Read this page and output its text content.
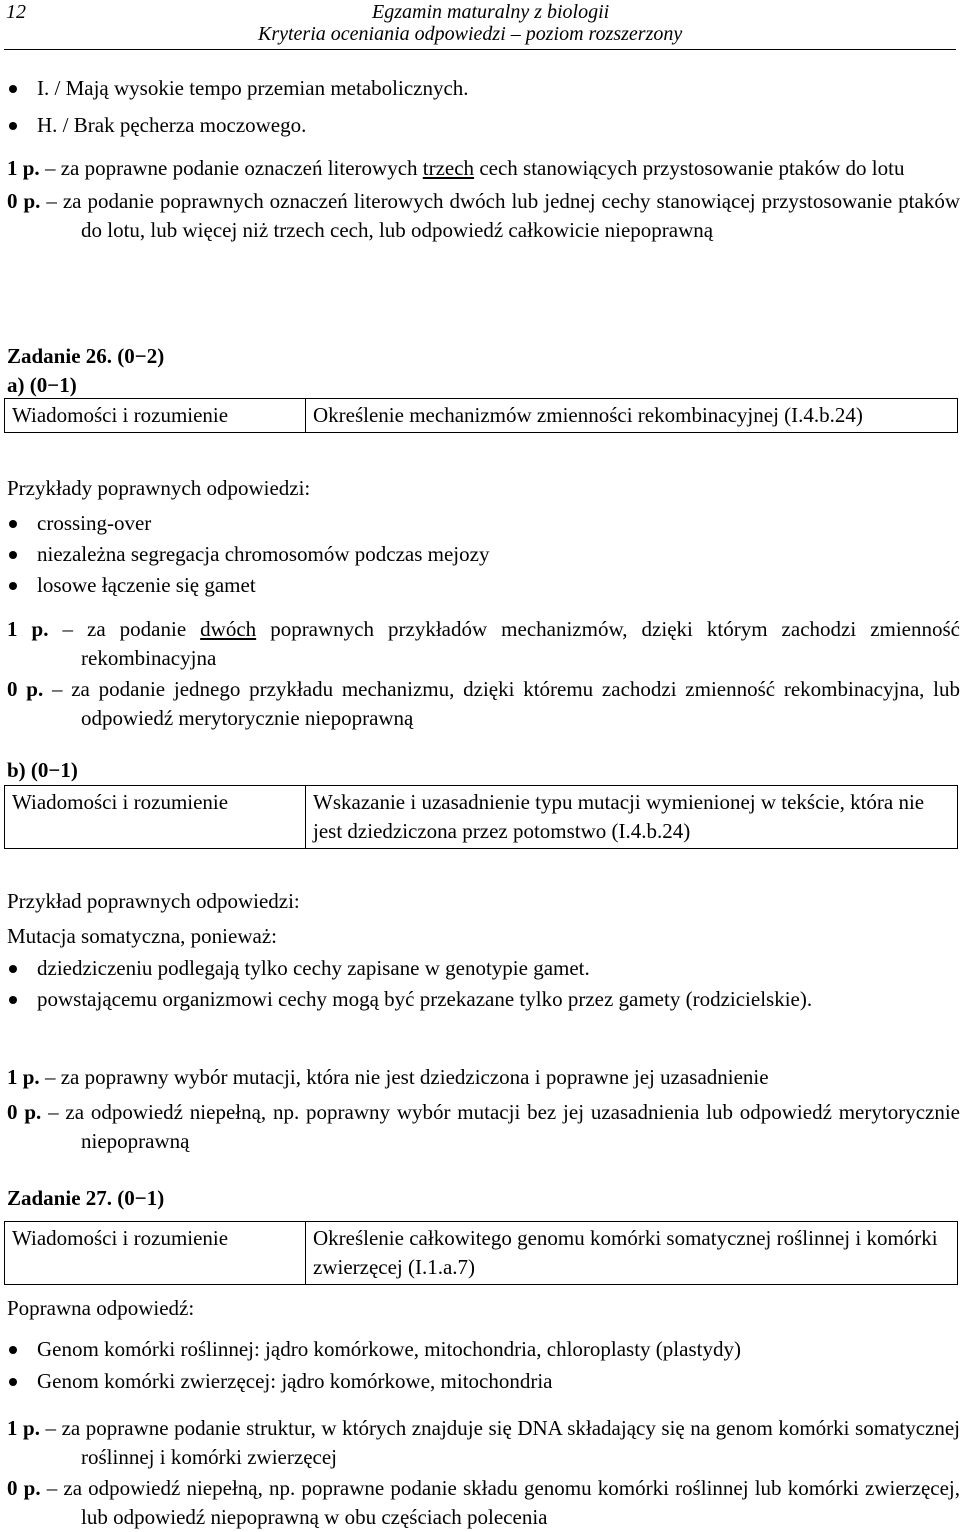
12	Egzamin maturalny z biologii
Kryteria oceniania odpowiedzi – poziom rozszerzony
I. / Mają wysokie tempo przemian metabolicznych.
H. / Brak pęcherza moczowego.
1 p. – za poprawne podanie oznaczeń literowych trzech cech stanowiących przystosowanie ptaków do lotu
0 p. – za podanie poprawnych oznaczeń literowych dwóch lub jednej cechy stanowiącej przystosowanie ptaków do lotu, lub więcej niż trzech cech, lub odpowiedź całkowicie niepoprawną
Zadanie 26. (0−2)
a) (0−1)
Wiadomości i rozumienie	Określenie mechanizmów zmienności rekombinacyjnej (I.4.b.24)
Przykłady poprawnych odpowiedzi:
crossing-over
niezależna segregacja chromosomów podczas mejozy
losowe łączenie się gamet
1 p. – za podanie dwóch poprawnych przykładów mechanizmów, dzięki którym zachodzi zmienność rekombinacyjna
0 p. – za podanie jednego przykładu mechanizmu, dzięki któremu zachodzi zmienność rekombinacyjna, lub odpowiedź merytorycznie niepoprawną
b) (0−1)
Wiadomości i rozumienie	Wskazanie i uzasadnienie typu mutacji wymienionej w tekście, która nie jest dziedziczona przez potomstwo (I.4.b.24)
Przykład poprawnych odpowiedzi:
Mutacja somatyczna, ponieważ:
dziedziczeniu podlegają tylko cechy zapisane w genotypie gamet.
powstającemu organizmowi cechy mogą być przekazane tylko przez gamety (rodzicielskie).
1 p. – za poprawny wybór mutacji, która nie jest dziedziczona i poprawne jej uzasadnienie
0 p. – za odpowiedź niepełną, np. poprawny wybór mutacji bez jej uzasadnienia lub odpowiedź merytorycznie niepoprawną
Zadanie 27. (0−1)
Wiadomości i rozumienie	Określenie całkowitego genomu komórki somatycznej roślinnej i komórki zwierzęcej (I.1.a.7)
Poprawna odpowiedź:
Genom komórki roślinnej: jądro komórkowe, mitochondria, chloroplasty (plastydy)
Genom komórki zwierzęcej: jądro komórkowe, mitochondria
1 p. – za poprawne podanie struktur, w których znajduje się DNA składający się na genom komórki somatycznej roślinnej i komórki zwierzęcej
0 p. – za odpowiedź niepełną, np. poprawne podanie składu genomu komórki roślinnej lub komórki zwierzęcej, lub odpowiedź niepoprawną w obu częściach polecenia
